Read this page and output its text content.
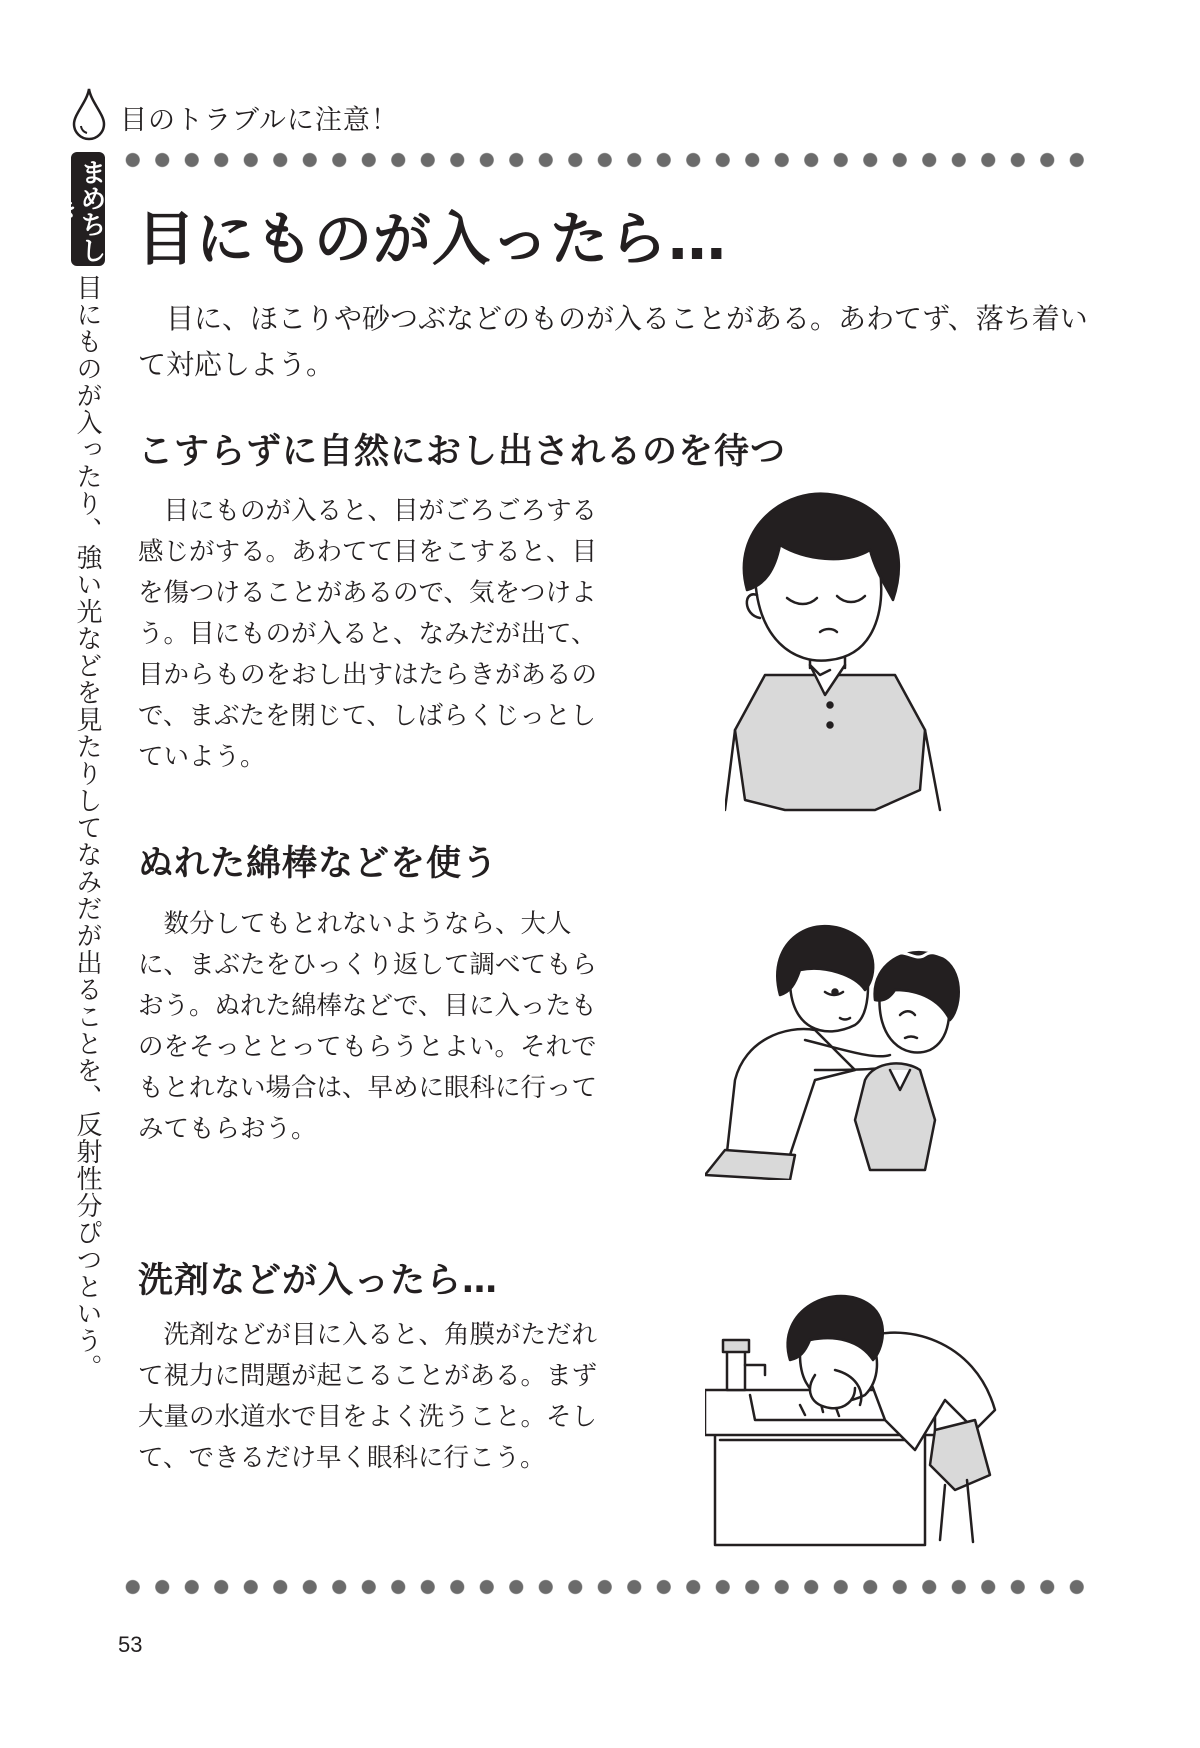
目のトラブルに注意！
まめちしき
目にものが入ったり、強い光などを見たりしてなみだが出ることを、反射性分ぴつという。
目にものが入ったら…
目に、ほこりや砂つぶなどのものが入ることがある。あわてず、落ち着いて対応しよう。
こすらずに自然におし出されるのを待つ
目にものが入ると、目がごろごろする感じがする。あわてて目をこすると、目を傷つけることがあるので、気をつけよう。目にものが入ると、なみだが出て、目からものをおし出すはたらきがあるので、まぶたを閉じて、しばらくじっとしていよう。
ぬれた綿棒などを使う
数分してもとれないようなら、大人に、まぶたをひっくり返して調べてもらおう。ぬれた綿棒などで、目に入ったものをそっととってもらうとよい。それでもとれない場合は、早めに眼科に行ってみてもらおう。
洗剤などが入ったら…
洗剤などが目に入ると、角膜がただれて視力に問題が起こることがある。まず大量の水道水で目をよく洗うこと。そして、できるだけ早く眼科に行こう。
53
